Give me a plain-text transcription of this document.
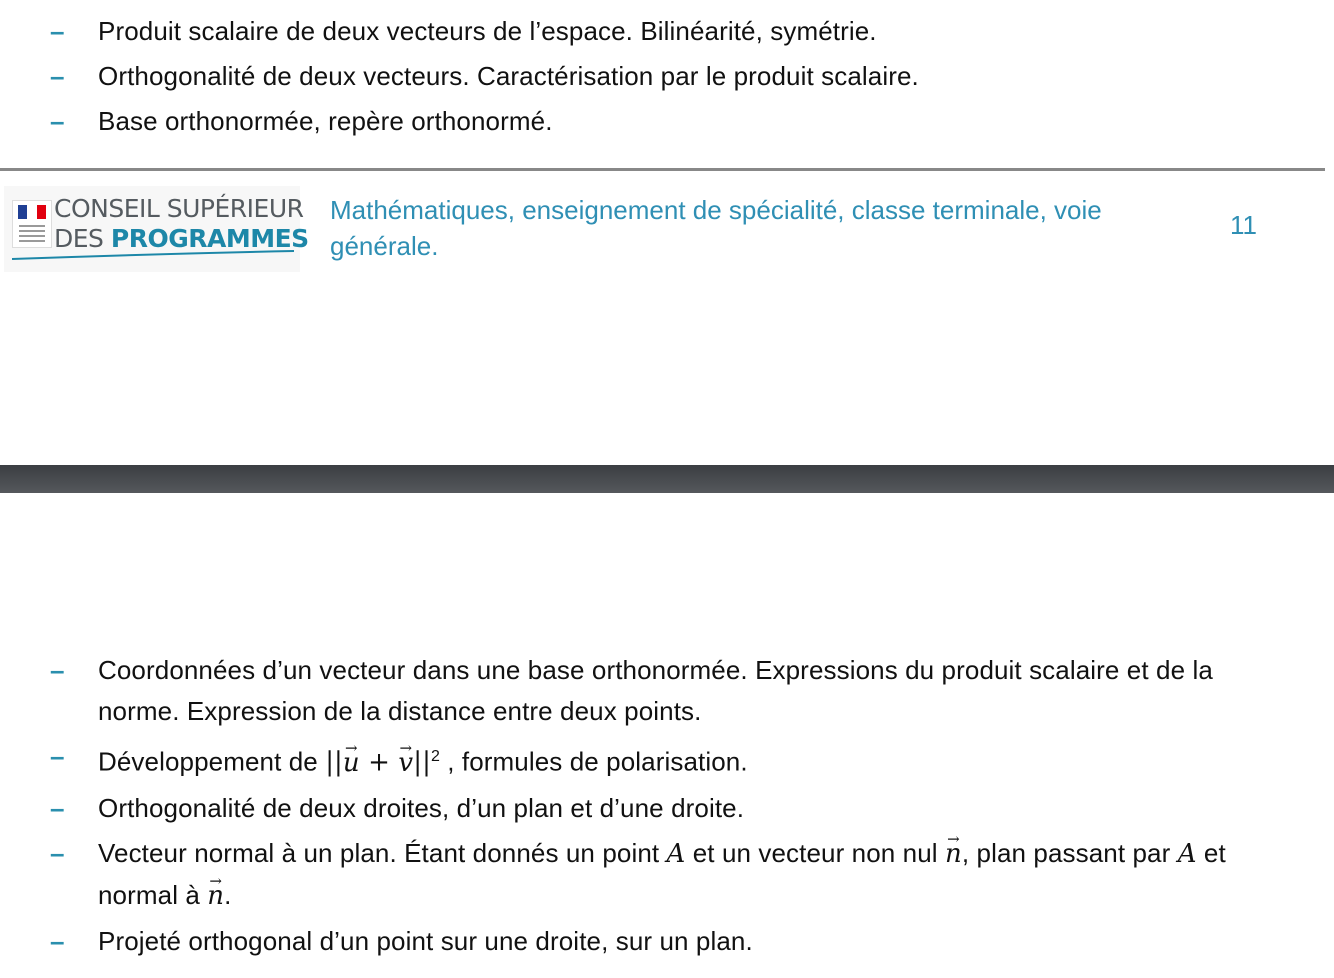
– Produit scalaire de deux vecteurs de l’espace. Bilinéarité, symétrie.
– Orthogonalité de deux vecteurs. Caractérisation par le produit scalaire.
– Base orthonormée, repère orthonormé.
CONSEIL SUPÉRIEUR
DES PROGRAMMES
Mathématiques, enseignement de spécialité, classe terminale, voie générale.
11
– Coordonnées d’un vecteur dans une base orthonormée. Expressions du produit scalaire et de la norme. Expression de la distance entre deux points.
– Développement de ||→ u + → $v||^2$ , formules de polarisation.
– Orthogonalité de deux droites, d’un plan et d’une droite.
– Vecteur normal à un plan. Étant donnés un point A et un vecteur non nul → n, plan passant par A et normal à → n.
– Projeté orthogonal d’un point sur une droite, sur un plan.
